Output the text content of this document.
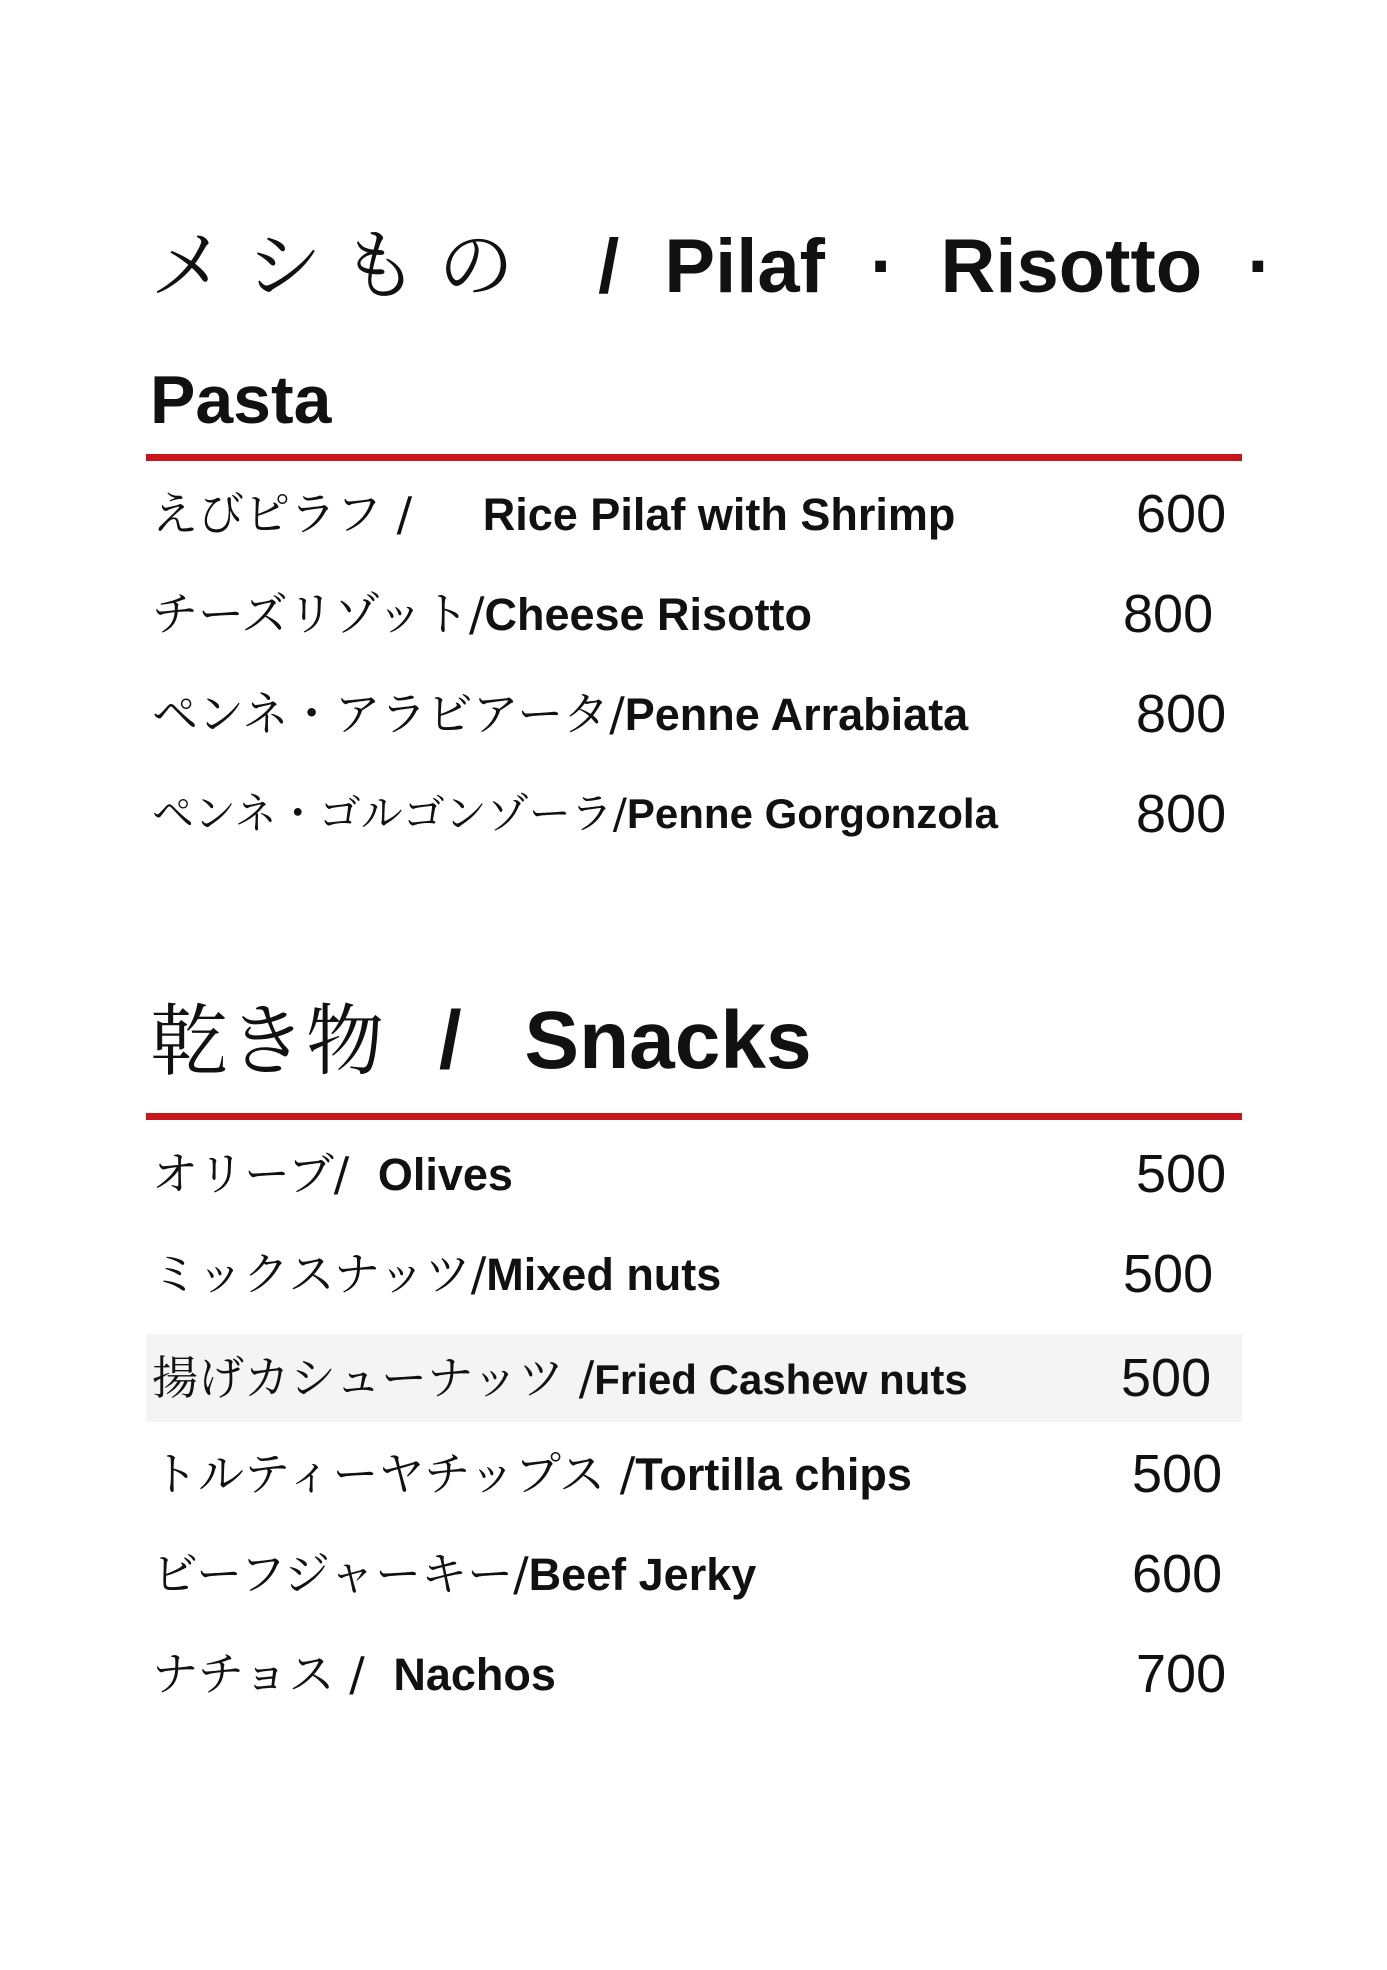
メシもの / Pilaf · Risotto ·
Pasta
えびピラフ / Rice Pilaf with Shrimp	600
チーズリゾット/Cheese Risotto	800
ペンネ・アラビアータ/Penne Arrabiata	800
ペンネ・ゴルゴンゾーラ/Penne Gorgonzola	800
乾き物 / Snacks
オリーブ/ Olives	500
ミックスナッツ/Mixed nuts	500
揚げカシューナッツ /Fried Cashew nuts	500
トルティーヤチップス /Tortilla chips	500
ビーフジャーキー/Beef Jerky	600
ナチョス / Nachos	700
